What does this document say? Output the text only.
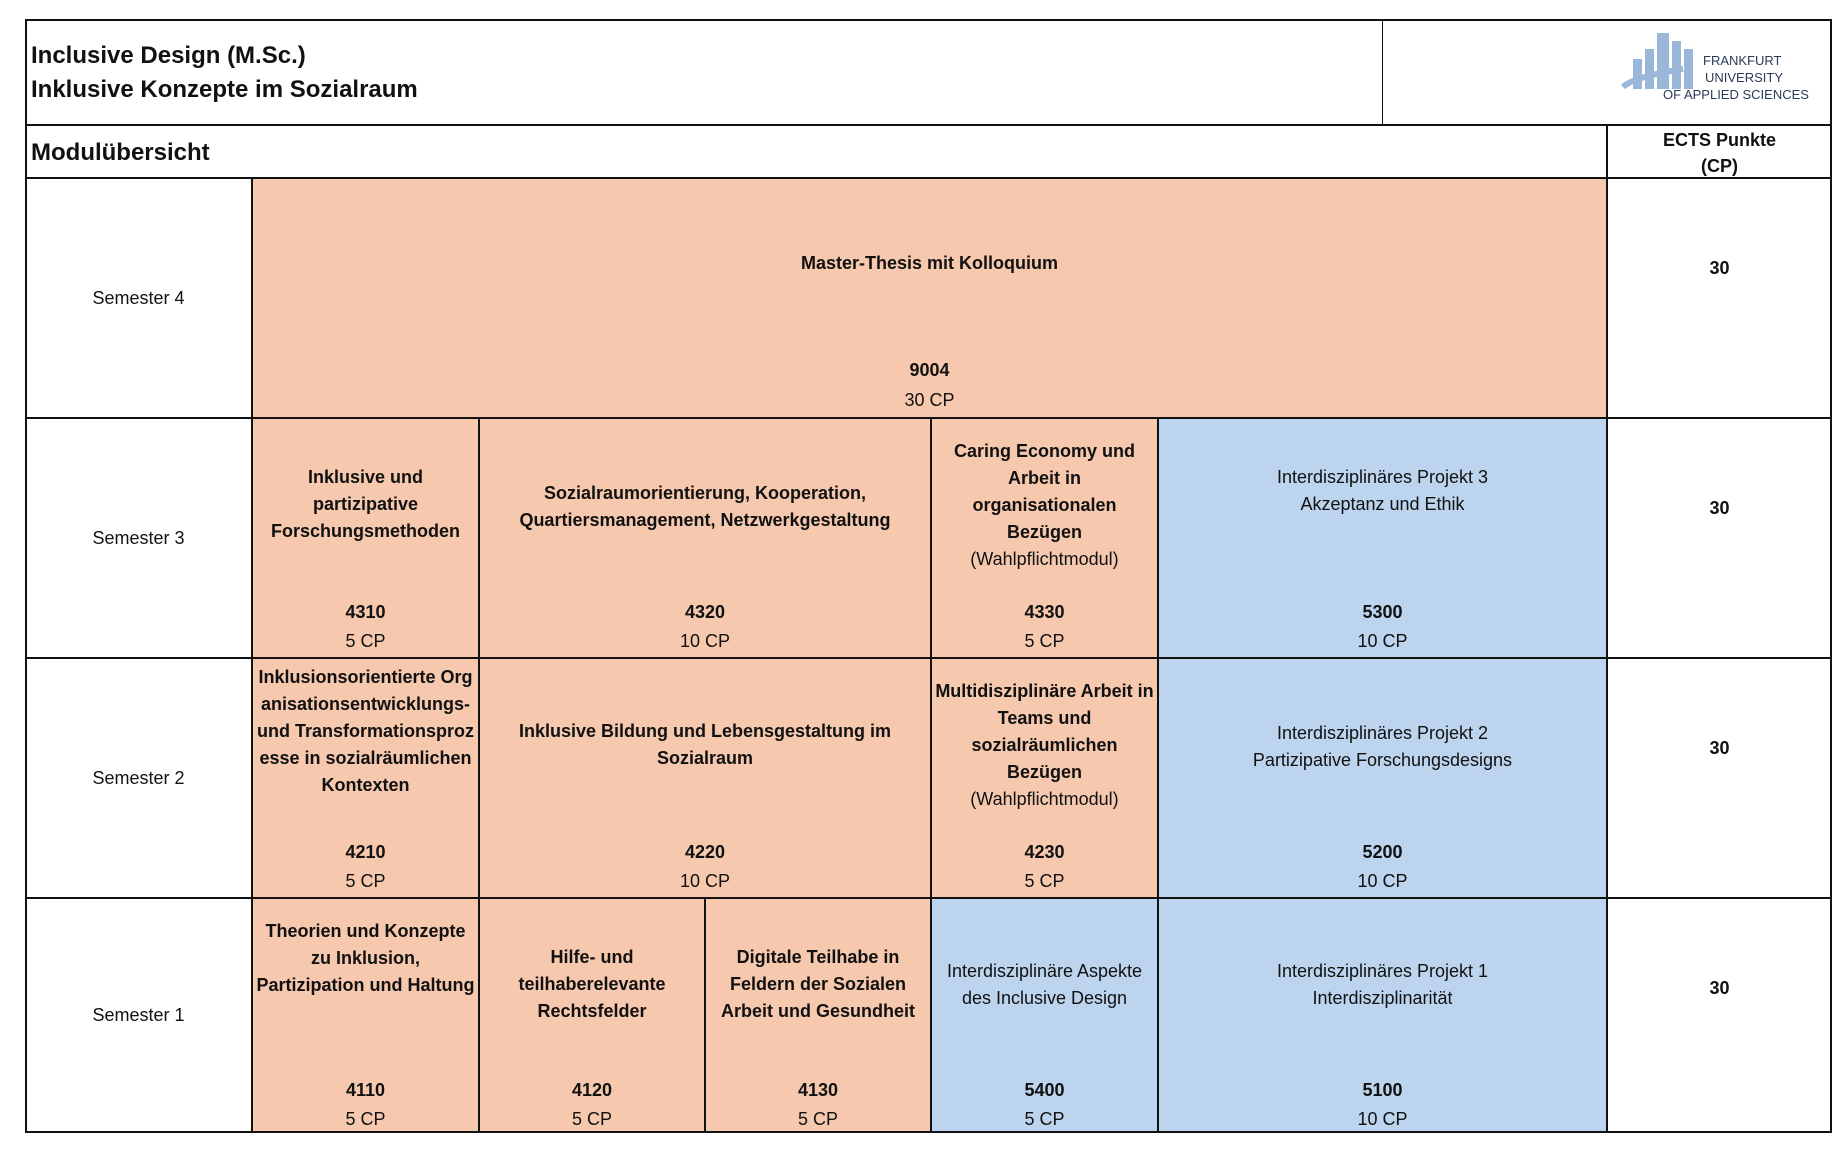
Inclusive Design (M.Sc.)
Inklusive Konzepte im Sozialraum
FRANKFURT
UNIVERSITY
OF APPLIED SCIENCES
Modulübersicht	ECTS Punkte
(CP)
Semester 4
Semester 3
Semester 2
Semester 1
30
30
30
30
Master-Thesis mit Kolloquium
9004
30 CP
Inklusive und partizipative Forschungsmethoden
4310
5 CP
Sozialraumorientierung, Kooperation, Quartiersmanagement, Netzwerkgestaltung
4320
10 CP
Caring Economy und Arbeit in organisationalen Bezügen
(Wahlpflichtmodul)
4330
5 CP
Interdisziplinäres Projekt 3
Akzeptanz und Ethik
5300
10 CP
Inklusionsorientierte Organisationsentwicklungs- und Transformationsprozesse in sozialräumlichen Kontexten
4210
5 CP
Inklusive Bildung und Lebensgestaltung im Sozialraum
4220
10 CP
Multidisziplinäre Arbeit in Teams und sozialräumlichen Bezügen
(Wahlpflichtmodul)
4230
5 CP
Interdisziplinäres Projekt 2
Partizipative Forschungsdesigns
5200
10 CP
Theorien und Konzepte zu Inklusion, Partizipation und Haltung
4110
5 CP
Hilfe- und teilhaberelevante Rechtsfelder
4120
5 CP
Digitale Teilhabe in Feldern der Sozialen Arbeit und Gesundheit
4130
5 CP
Interdisziplinäre Aspekte des Inclusive Design
5400
5 CP
Interdisziplinäres Projekt 1
Interdisziplinarität
5100
10 CP
